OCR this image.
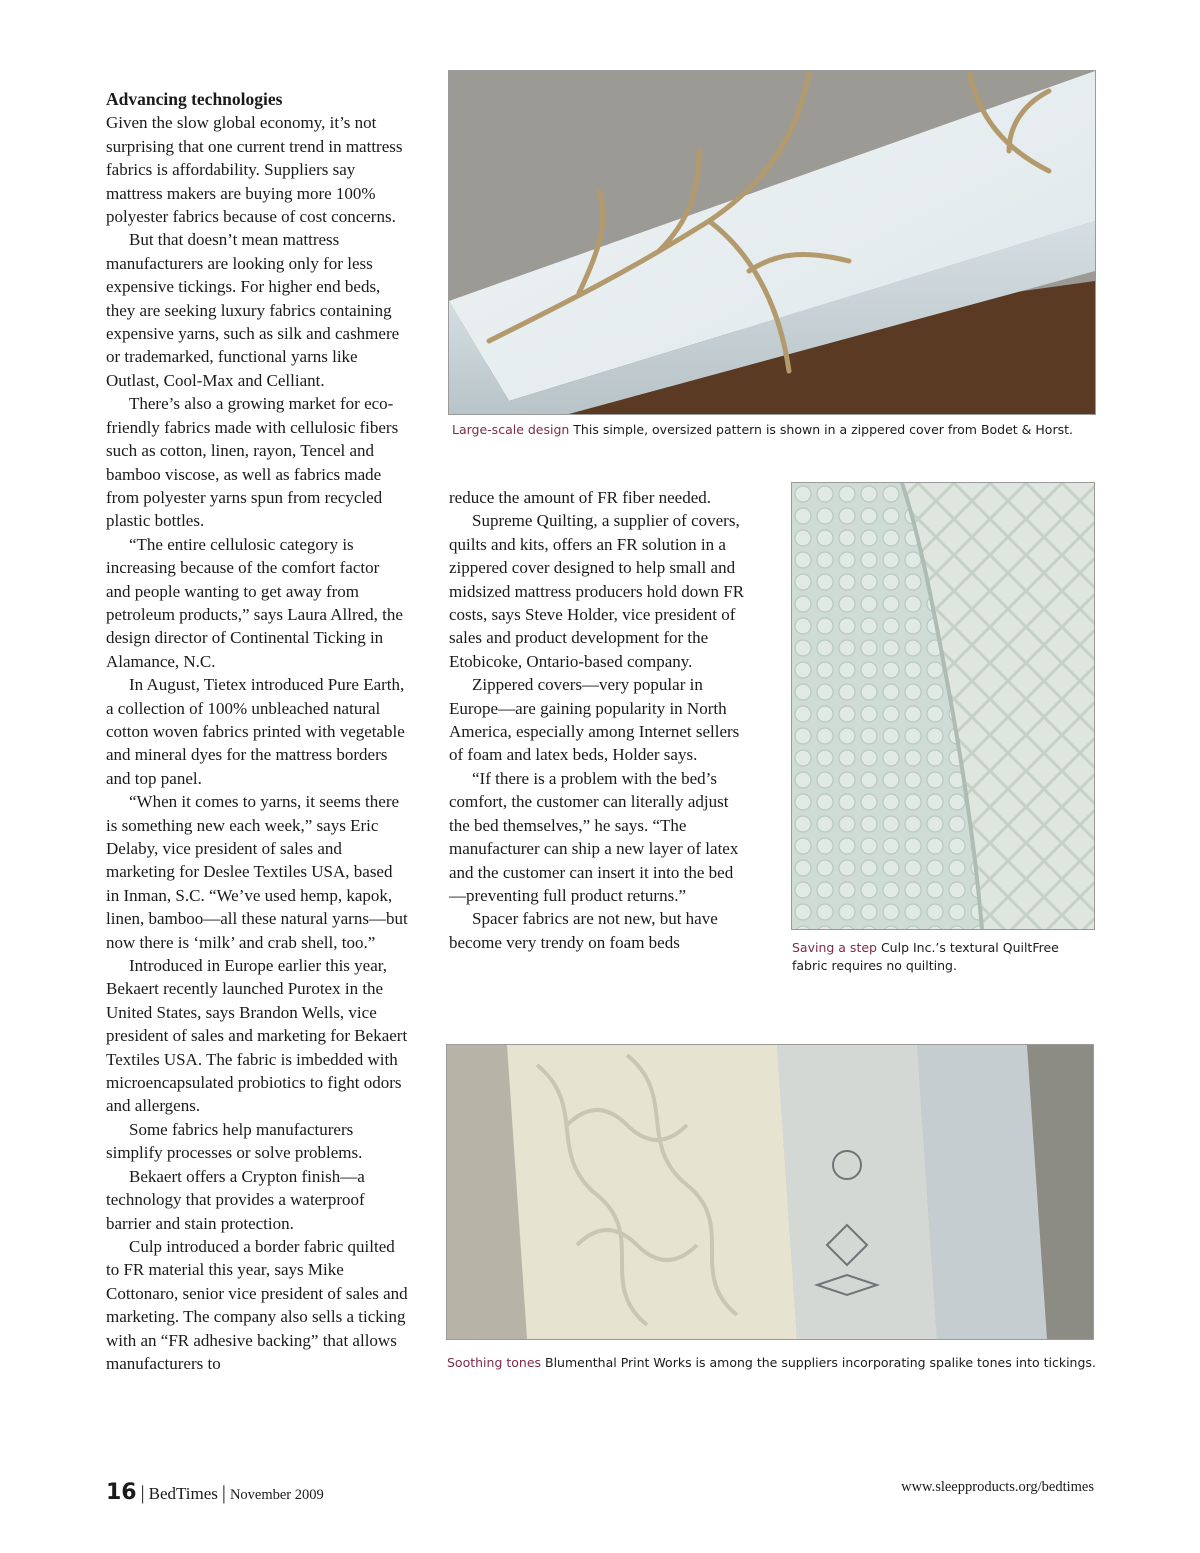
Advancing technologies

Given the slow global economy, it’s not surprising that one current trend in mattress fabrics is affordability. Suppliers say mattress makers are buying more 100% polyester fabrics because of cost concerns.

But that doesn’t mean mattress manufacturers are looking only for less expensive tickings. For higher end beds, they are seeking luxury fabrics containing expensive yarns, such as silk and cashmere or trademarked, functional yarns like Outlast, Cool-Max and Celliant.

There’s also a growing market for eco-friendly fabrics made with cellulosic fibers such as cotton, linen, rayon, Tencel and bamboo viscose, as well as fabrics made from polyester yarns spun from recycled plastic bottles.

“The entire cellulosic category is increasing because of the comfort factor and people wanting to get away from petroleum products,” says Laura Allred, the design director of Continental Ticking in Alamance, N.C.

In August, Tietex introduced Pure Earth, a collection of 100% unbleached natural cotton woven fabrics printed with vegetable and mineral dyes for the mattress borders and top panel.

“When it comes to yarns, it seems there is something new each week,” says Eric Delaby, vice president of sales and marketing for Deslee Textiles USA, based in Inman, S.C. “We’ve used hemp, kapok, linen, bamboo—all these natural yarns—but now there is ‘milk’ and crab shell, too.”

Introduced in Europe earlier this year, Bekaert recently launched Purotex in the United States, says Brandon Wells, vice president of sales and marketing for Bekaert Textiles USA. The fabric is imbedded with microencapsulated probiotics to fight odors and allergens.

Some fabrics help manufacturers simplify processes or solve problems.

Bekaert offers a Crypton finish—a technology that provides a waterproof barrier and stain protection.

Culp introduced a border fabric quilted to FR material this year, says Mike Cottonaro, senior vice president of sales and marketing. The company also sells a ticking with an “FR adhesive backing” that allows manufacturers to

Large-scale design This simple, oversized pattern is shown in a zippered cover from Bodet & Horst.

reduce the amount of FR fiber needed.

Supreme Quilting, a supplier of covers, quilts and kits, offers an FR solution in a zippered cover designed to help small and midsized mattress producers hold down FR costs, says Steve Holder, vice president of sales and product development for the Etobicoke, Ontario-based company.

Zippered covers—very popular in Europe—are gaining popularity in North America, especially among Internet sellers of foam and latex beds, Holder says.

“If there is a problem with the bed’s comfort, the customer can literally adjust the bed themselves,” he says. “The manufacturer can ship a new layer of latex and the customer can insert it into the bed—preventing full product returns.”

Spacer fabrics are not new, but have become very trendy on foam beds	Saving a step Culp Inc.’s textural QuiltFree fabric requires no quilting.
Soothing tones Blumenthal Print Works is among the suppliers incorporating spalike tones into tickings.
16 | BedTimes | November 2009	www.sleepproducts.org/bedtimes
